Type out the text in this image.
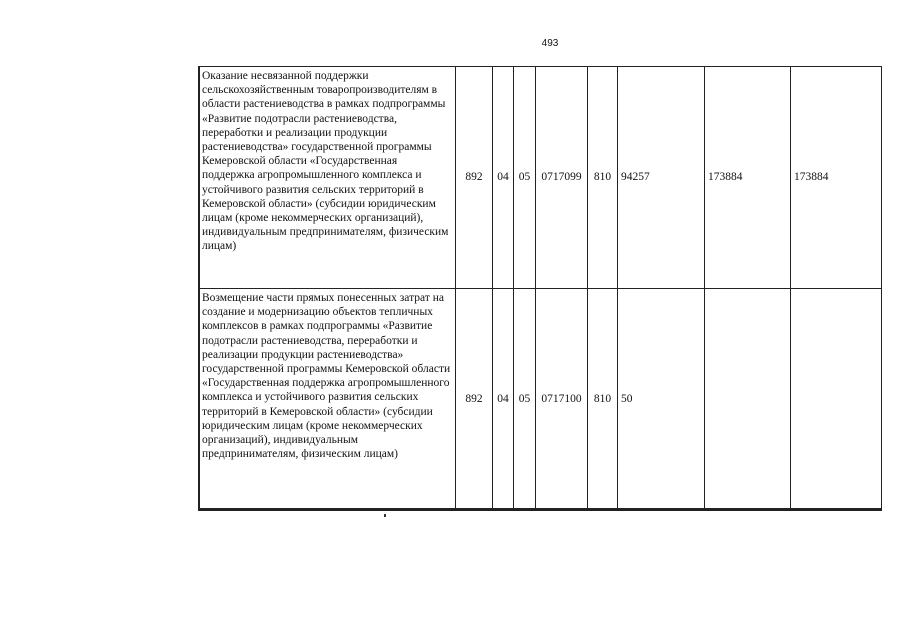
493
Оказание несвязанной поддержки сельскохозяйственным товаропроизводителям в области растениеводства в рамках подпрограммы «Развитие подотрасли растениеводства, переработки и реализации продукции растениеводства» государственной программы Кемеровской области «Государственная поддержка агропромышленного комплекса и устойчивого развития сельских территорий в Кемеровской области» (субсидии юридическим лицам (кроме некоммерческих организаций), индивидуальным предпринимателям, физическим лицам)	892	04	05	0717099	810	94257	173884	173884
Возмещение части прямых понесенных затрат на создание и модернизацию объектов тепличных комплексов в рамках подпрограммы «Развитие подотрасли растениеводства, переработки и реализации продукции растениеводства» государственной программы Кемеровской области «Государственная поддержка агропромышленного комплекса и устойчивого развития сельских территорий в Кемеровской области» (субсидии юридическим лицам (кроме некоммерческих организаций), индивидуальным предпринимателям, физическим лицам)	892	04	05	0717100	810	50		
